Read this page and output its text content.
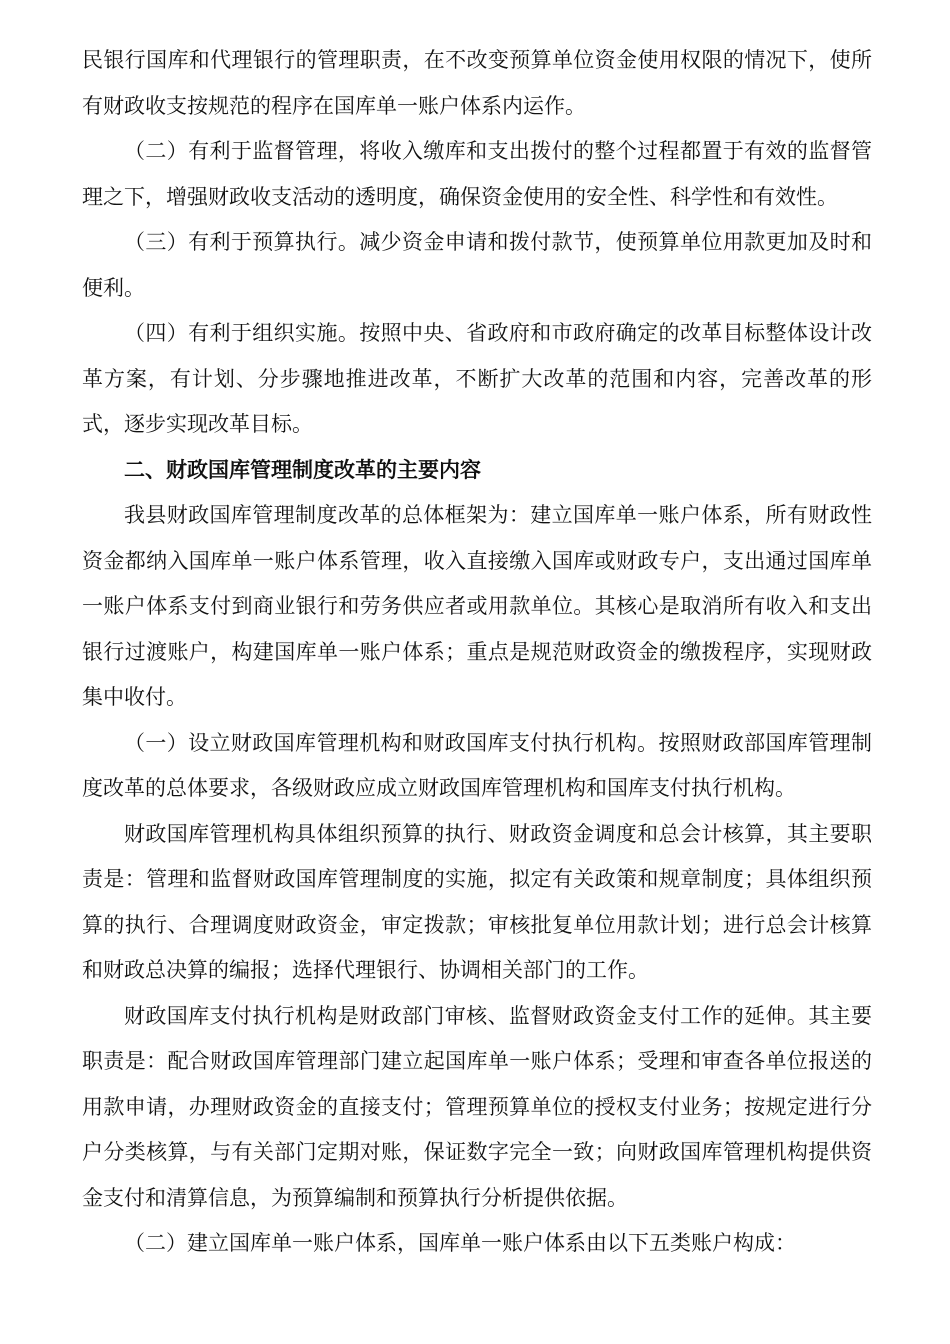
民银行国库和代理银行的管理职责，在不改变预算单位资金使用权限的情况下，使所有财政收支按规范的程序在国库单一账户体系内运作。

（二）有利于监督管理，将收入缴库和支出拨付的整个过程都置于有效的监督管理之下，增强财政收支活动的透明度，确保资金使用的安全性、科学性和有效性。

（三）有利于预算执行。减少资金申请和拨付款节，使预算单位用款更加及时和便利。

（四）有利于组织实施。按照中央、省政府和市政府确定的改革目标整体设计改革方案，有计划、分步骤地推进改革，不断扩大改革的范围和内容，完善改革的形式，逐步实现改革目标。

二、财政国库管理制度改革的主要内容

我县财政国库管理制度改革的总体框架为：建立国库单一账户体系，所有财政性资金都纳入国库单一账户体系管理，收入直接缴入国库或财政专户，支出通过国库单一账户体系支付到商业银行和劳务供应者或用款单位。其核心是取消所有收入和支出银行过渡账户，构建国库单一账户体系；重点是规范财政资金的缴拨程序，实现财政集中收付。

（一）设立财政国库管理机构和财政国库支付执行机构。按照财政部国库管理制度改革的总体要求，各级财政应成立财政国库管理机构和国库支付执行机构。

财政国库管理机构具体组织预算的执行、财政资金调度和总会计核算，其主要职责是：管理和监督财政国库管理制度的实施，拟定有关政策和规章制度；具体组织预算的执行、合理调度财政资金，审定拨款；审核批复单位用款计划；进行总会计核算和财政总决算的编报；选择代理银行、协调相关部门的工作。

财政国库支付执行机构是财政部门审核、监督财政资金支付工作的延伸。其主要职责是：配合财政国库管理部门建立起国库单一账户体系；受理和审查各单位报送的用款申请，办理财政资金的直接支付；管理预算单位的授权支付业务；按规定进行分户分类核算，与有关部门定期对账，保证数字完全一致；向财政国库管理机构提供资金支付和清算信息，为预算编制和预算执行分析提供依据。

（二）建立国库单一账户体系，国库单一账户体系由以下五类账户构成：
